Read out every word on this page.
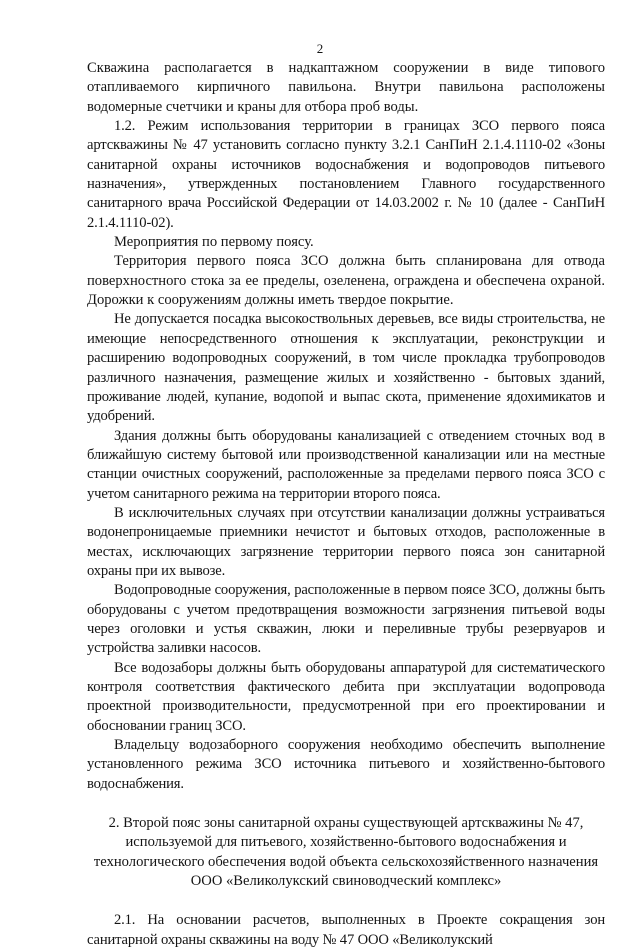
2

Скважина располагается в надкаптажном сооружении в виде типового отапливаемого кирпичного павильона. Внутри павильона расположены водомерные счетчики и краны для отбора проб воды.

1.2. Режим использования территории в границах ЗСО первого пояса артскважины № 47 установить согласно пункту 3.2.1 СанПиН 2.1.4.1110-02 «Зоны санитарной охраны источников водоснабжения и водопроводов питьевого назначения», утвержденных постановлением Главного государственного санитарного врача Российской Федерации от 14.03.2002 г. № 10 (далее - СанПиН 2.1.4.1110-02).

Мероприятия по первому поясу.

Территория первого пояса ЗСО должна быть спланирована для отвода поверхностного стока за ее пределы, озеленена, ограждена и обеспечена охраной. Дорожки к сооружениям должны иметь твердое покрытие.

Не допускается посадка высокоствольных деревьев, все виды строительства, не имеющие непосредственного отношения к эксплуатации, реконструкции и расширению водопроводных сооружений, в том числе прокладка трубопроводов различного назначения, размещение жилых и хозяйственно - бытовых зданий, проживание людей, купание, водопой и выпас скота, применение ядохимикатов и удобрений.

Здания должны быть оборудованы канализацией с отведением сточных вод в ближайшую систему бытовой или производственной канализации или на местные станции очистных сооружений, расположенные за пределами первого пояса ЗСО с учетом санитарного режима на территории второго пояса.

В исключительных случаях при отсутствии канализации должны устраиваться водонепроницаемые приемники нечистот и бытовых отходов, расположенные в местах, исключающих загрязнение территории первого пояса зон санитарной охраны при их вывозе.

Водопроводные сооружения, расположенные в первом поясе ЗСО, должны быть оборудованы с учетом предотвращения возможности загрязнения питьевой воды через оголовки и устья скважин, люки и переливные трубы резервуаров и устройства заливки насосов.

Все водозаборы должны быть оборудованы аппаратурой для систематического контроля соответствия фактического дебита при эксплуатации водопровода проектной производительности, предусмотренной при его проектировании и обосновании границ ЗСО.

Владельцу водозаборного сооружения необходимо обеспечить выполнение установленного режима ЗСО источника питьевого и хозяйственно-бытового водоснабжения.

2. Второй пояс зоны санитарной охраны существующей артскважины № 47, используемой для питьевого, хозяйственно-бытового водоснабжения и технологического обеспечения водой объекта сельскохозяйственного назначения ООО «Великолукский свиноводческий комплекс»

2.1. На основании расчетов, выполненных в Проекте сокращения зон санитарной охраны скважины на воду № 47 ООО «Великолукский
